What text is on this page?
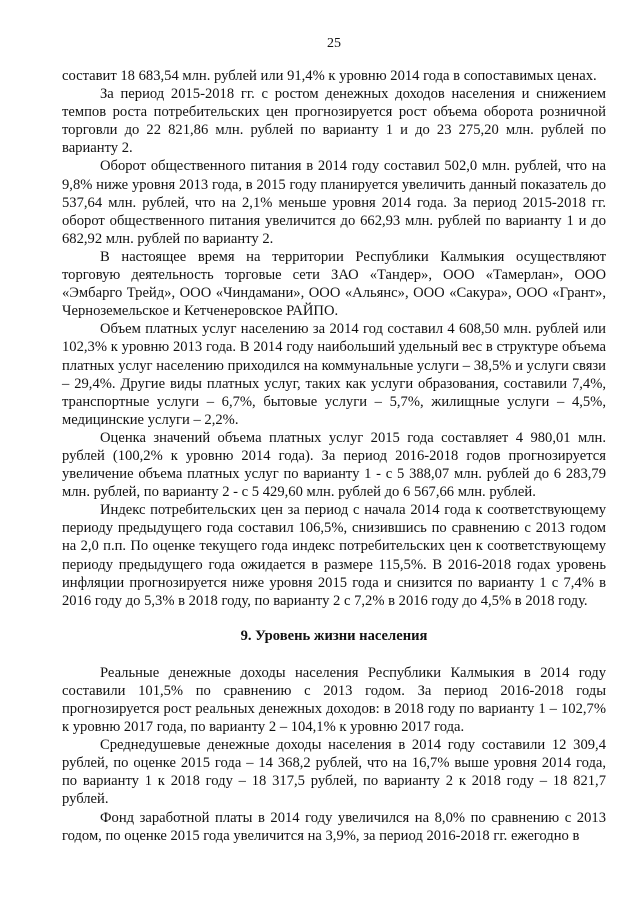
25

составит 18 683,54 млн. рублей или 91,4% к уровню 2014 года в сопоставимых ценах.

За период 2015-2018 гг. с ростом денежных доходов населения и снижением темпов роста потребительских цен прогнозируется рост объема оборота розничной торговли до 22 821,86 млн. рублей по варианту 1 и до 23 275,20 млн. рублей по варианту 2.

Оборот общественного питания в 2014 году составил 502,0 млн. рублей, что на 9,8% ниже уровня 2013 года, в 2015 году планируется увеличить данный показатель до 537,64 млн. рублей, что на 2,1% меньше уровня 2014 года. За период 2015-2018 гг. оборот общественного питания увеличится до 662,93 млн. рублей по варианту 1 и до 682,92 млн. рублей по варианту 2.

В настоящее время на территории Республики Калмыкия осуществляют торговую деятельность торговые сети ЗАО «Тандер», ООО «Тамерлан», ООО «Эмбарго Трейд», ООО «Чиндамани», ООО «Альянс», ООО «Сакура», ООО «Грант», Черноземельское и Кетченеровское РАЙПО.

Объем платных услуг населению за 2014 год составил 4 608,50 млн. рублей или 102,3% к уровню 2013 года. В 2014 году наибольший удельный вес в структуре объема платных услуг населению приходился на коммунальные услуги – 38,5% и услуги связи – 29,4%. Другие виды платных услуг, таких как услуги образования, составили 7,4%, транспортные услуги – 6,7%, бытовые услуги – 5,7%, жилищные услуги – 4,5%, медицинские услуги – 2,2%.

Оценка значений объема платных услуг 2015 года составляет 4 980,01 млн. рублей (100,2% к уровню 2014 года). За период 2016-2018 годов прогнозируется увеличение объема платных услуг по варианту 1 - с 5 388,07 млн. рублей до 6 283,79 млн. рублей, по варианту 2 - с 5 429,60 млн. рублей до 6 567,66 млн. рублей.

Индекс потребительских цен за период с начала 2014 года к соответствующему периоду предыдущего года составил 106,5%, снизившись по сравнению с 2013 годом на 2,0 п.п. По оценке текущего года индекс потребительских цен к соответствующему периоду предыдущего года ожидается в размере 115,5%. В 2016-2018 годах уровень инфляции прогнозируется ниже уровня 2015 года и снизится по варианту 1 с 7,4% в 2016 году до 5,3% в 2018 году, по варианту 2 с 7,2% в 2016 году до 4,5% в 2018 году.

9. Уровень жизни населения

Реальные денежные доходы населения Республики Калмыкия в 2014 году составили 101,5% по сравнению с 2013 годом. За период 2016-2018 годы прогнозируется рост реальных денежных доходов: в 2018 году по варианту 1 – 102,7% к уровню 2017 года, по варианту 2 – 104,1% к уровню 2017 года.

Среднедушевые денежные доходы населения в 2014 году составили 12 309,4 рублей, по оценке 2015 года – 14 368,2 рублей, что на 16,7% выше уровня 2014 года, по варианту 1 к 2018 году – 18 317,5 рублей, по варианту 2 к 2018 году – 18 821,7 рублей.

Фонд заработной платы в 2014 году увеличился на 8,0% по сравнению с 2013 годом, по оценке 2015 года увеличится на 3,9%, за период 2016-2018 гг. ежегодно в
